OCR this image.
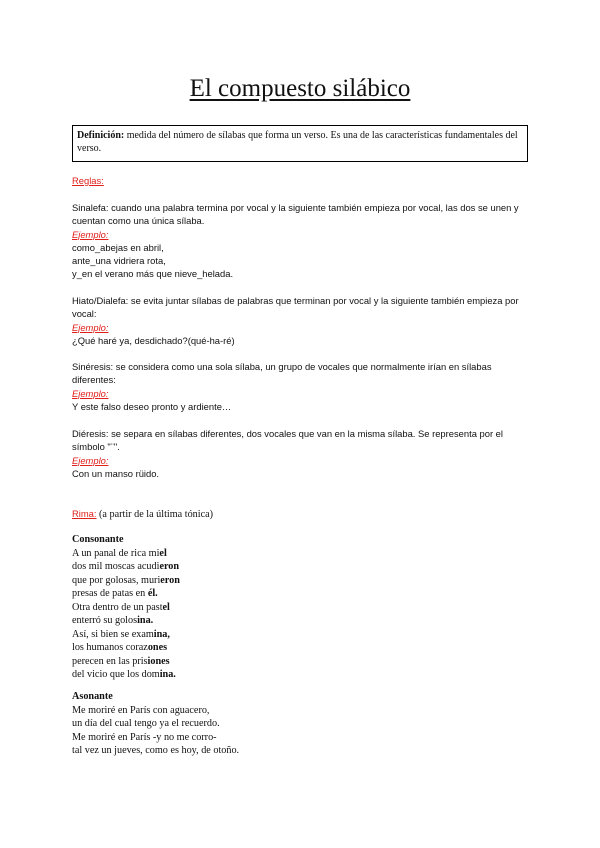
El compuesto silábico
Definición: medida del número de sílabas que forma un verso. Es una de las características fundamentales del verso.
Reglas:
Sinalefa: cuando una palabra termina por vocal y la siguiente también empieza por vocal, las dos se unen y cuentan como una única sílaba.
Ejemplo:
como_abejas en abril,
ante_una vidriera rota,
y_en el verano más que nieve_helada.
Hiato/Dialefa: se evita juntar sílabas de palabras que terminan por vocal y la siguiente también empieza por vocal:
Ejemplo:
¿Qué haré ya, desdichado?(qué-ha-ré)
Sinéresis: se considera como una sola sílaba, un grupo de vocales que normalmente irían en sílabas diferentes:
Ejemplo:
Y este falso deseo pronto y ardiente…
Diéresis: se separa en sílabas diferentes, dos vocales que van en la misma sílaba. Se representa por el símbolo "¨".
Ejemplo:
Con un manso rüido.
Rima: (a partir de la última tónica)
Consonante
A un panal de rica miel
dos mil moscas acudieron
que por golosas, murieron
presas de patas en él.
Otra dentro de un pastel
enterró su golosina.
Así, si bien se examina,
los humanos corazones
perecen en las prisiones
del vicio que los domina.
Asonante
Me moriré en París con aguacero,
un día del cual tengo ya el recuerdo.
Me moriré en París -y no me corro-
tal vez un jueves, como es hoy, de otoño.
